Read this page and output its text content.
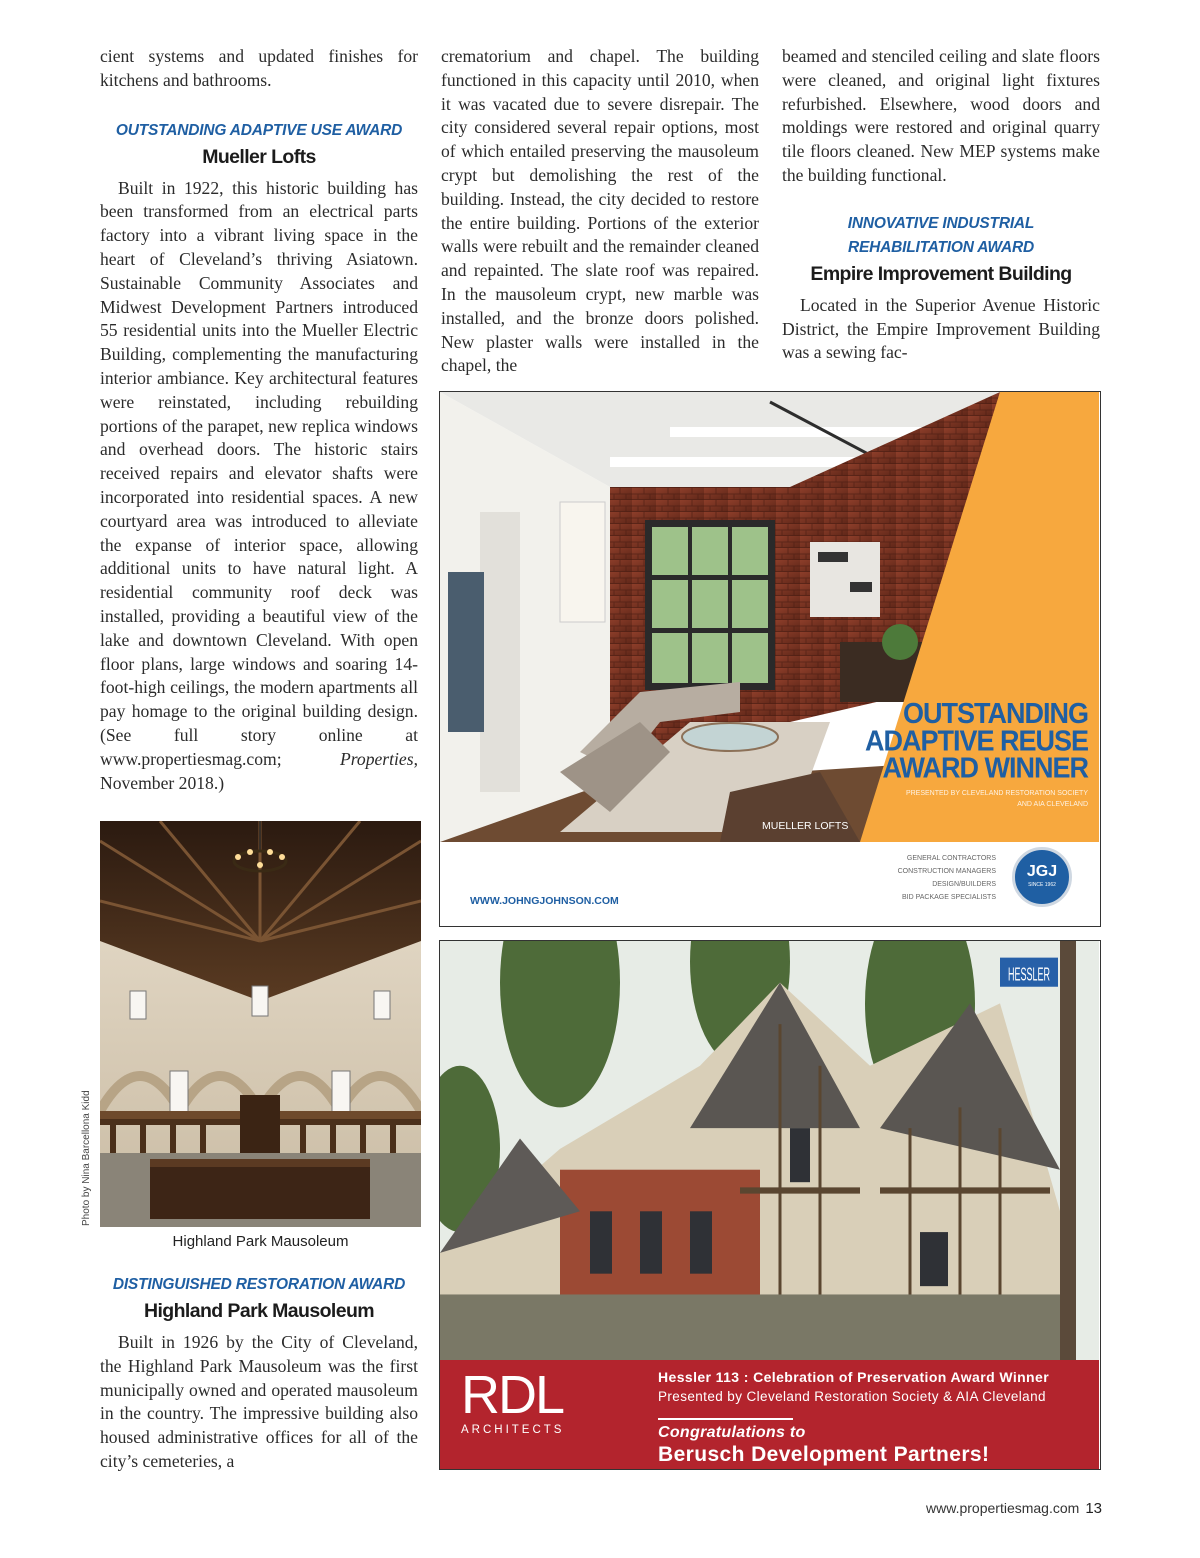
cient systems and updated finishes for kitchens and bathrooms.

OUTSTANDING ADAPTIVE USE AWARD
Mueller Lofts

Built in 1922, this historic building has been transformed from an electrical parts factory into a vibrant living space in the heart of Cleveland’s thriving Asiatown. Sustainable Community Associates and Midwest Development Partners introduced 55 residential units into the Mueller Electric Building, complementing the manufacturing interior ambiance. Key architectural features were reinstated, including rebuilding portions of the parapet, new replica windows and overhead doors. The historic stairs received repairs and elevator shafts were incorporated into residential spaces. A new courtyard area was introduced to alleviate the expanse of interior space, allowing additional units to have natural light. A residential community roof deck was installed, providing a beautiful view of the lake and downtown Cleveland. With open floor plans, large windows and soaring 14-foot-high ceilings, the modern apartments all pay homage to the original building design. (See full story online at www.propertiesmag.com; Properties, November 2018.)

Photo by Nina Barcellona Kidd
Highland Park Mausoleum
DISTINGUISHED RESTORATION AWARD
Highland Park Mausoleum

Built in 1926 by the City of Cleveland, the Highland Park Mausoleum was the first municipally owned and operated mausoleum in the country. The impressive building also housed administrative offices for all of the city’s cemeteries, a

crematorium and chapel. The building functioned in this capacity until 2010, when it was vacated due to severe disrepair. The city considered several repair options, most of which entailed preserving the mausoleum crypt but demolishing the rest of the building. Instead, the city decided to restore the entire building. Portions of the exterior walls were rebuilt and the remainder cleaned and repainted. The slate roof was repaired. In the mausoleum crypt, new marble was installed, and the bronze doors polished. New plaster walls were installed in the chapel, the

beamed and stenciled ceiling and slate floors were cleaned, and original light fixtures refurbished. Elsewhere, wood doors and moldings were restored and original quarry tile floors cleaned. New MEP systems make the building functional.

INNOVATIVE INDUSTRIAL
REHABILITATION AWARD
Empire Improvement Building

Located in the Superior Avenue Historic District, the Empire Improvement Building was a sewing fac-

OUTSTANDING
ADAPTIVE REUSE
AWARD WINNER
PRESENTED BY CLEVELAND RESTORATION SOCIETY
AND AIA CLEVELAND
MUELLER LOFTS
WWW.JOHNGJOHNSON.COM
GENERAL CONTRACTORS
CONSTRUCTION MANAGERS
DESIGN/BUILDERS
BID PACKAGE SPECIALISTS
JGJ
SINCE 1962
HESSLER
RDL
ARCHITECTS
Hessler 113 : Celebration of Preservation Award Winner
Presented by Cleveland Restoration Society & AIA Cleveland
Congratulations to
Berusch Development Partners!
www.propertiesmag.com 13
